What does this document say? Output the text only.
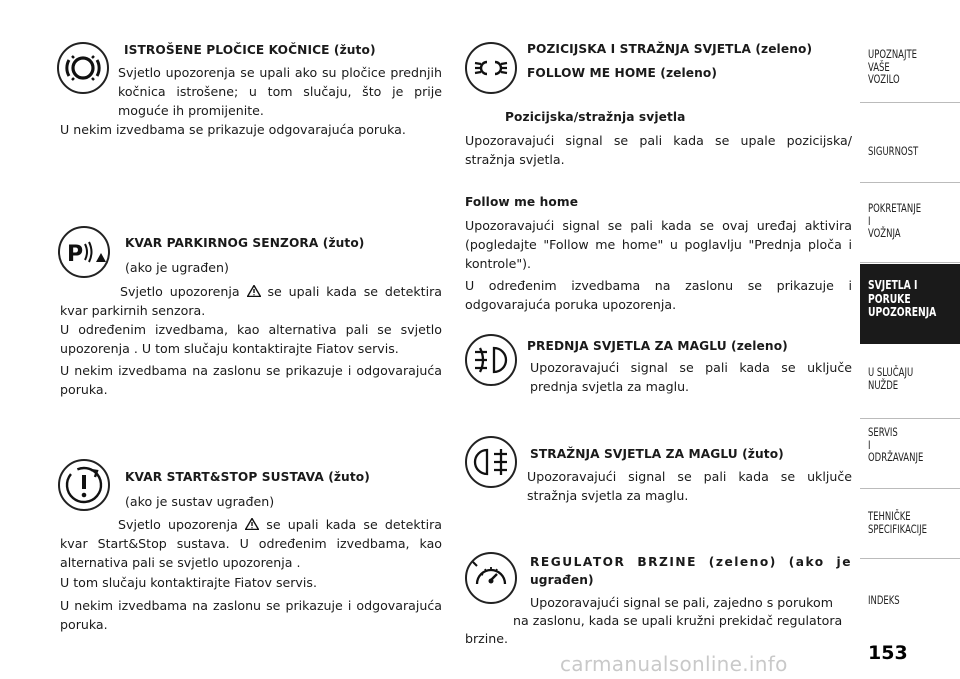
ISTROŠENE PLOČICE KOČNICE (žuto)
Svjetlo upozorenja se upali ako su pločice prednjih kočnica istrošene; u tom slučaju, što je prije moguće ih promijenite.
U nekim izvedbama se prikazuje odgovarajuća poruka.
P	KVAR PARKIRNOG SENZORA (žuto)
(ako je ugrađen)
Svjetlo upozorenja se upali kada se detektira kvar parkirnih senzora.
U određenim izvedbama, kao alternativa pali se svjetlo upozorenja . U tom slučaju kontaktirajte Fiatov servis.
U nekim izvedbama na zaslonu se prikazuje i odgovarajuća poruka.
KVAR START&STOP SUSTAVA (žuto)
(ako je sustav ugrađen)
Svjetlo upozorenja se upali kada se detektira kvar Start&Stop sustava. U određenim izvedbama, kao alternativa pali se svjetlo upozorenja .
U tom slučaju kontaktirajte Fiatov servis.
U nekim izvedbama na zaslonu se prikazuje i odgovarajuća poruka.
POZICIJSKA I STRAŽNJA SVJETLA (zeleno)
FOLLOW ME HOME (zeleno)
Pozicijska/stražnja svjetla
Upozoravajući signal se pali kada se upale pozicijska/ stražnja svjetla.
Follow me home
Upozoravajući signal se pali kada se ovaj uređaj aktivira (pogledajte "Follow me home" u poglavlju "Prednja ploča i kontrole").
U određenim izvedbama na zaslonu se prikazuje i odgovarajuća poruka upozorenja.
PREDNJA SVJETLA ZA MAGLU (zeleno)
Upozoravajući signal se pali kada se uključe prednja svjetla za maglu.
STRAŽNJA SVJETLA ZA MAGLU (žuto)
Upozoravajući signal se pali kada se uključe stražnja svjetla za maglu.
REGULATOR BRZINE (zeleno) (ako je
ugrađen)
Upozoravajući signal se pali, zajedno s porukom
na zaslonu, kada se upali kružni prekidač regulatora
brzine.
UPOZNAJTE
VAŠE
VOZILO
SIGURNOST
POKRETANJE
I
VOŽNJA
SVJETLA I
PORUKE
UPOZORENJA
U SLUČAJU
NUŽDE
SERVIS
I
ODRŽAVANJE
TEHNIČKE
SPECIFIKACIJE
INDEKS
carmanualsonline.info	153
